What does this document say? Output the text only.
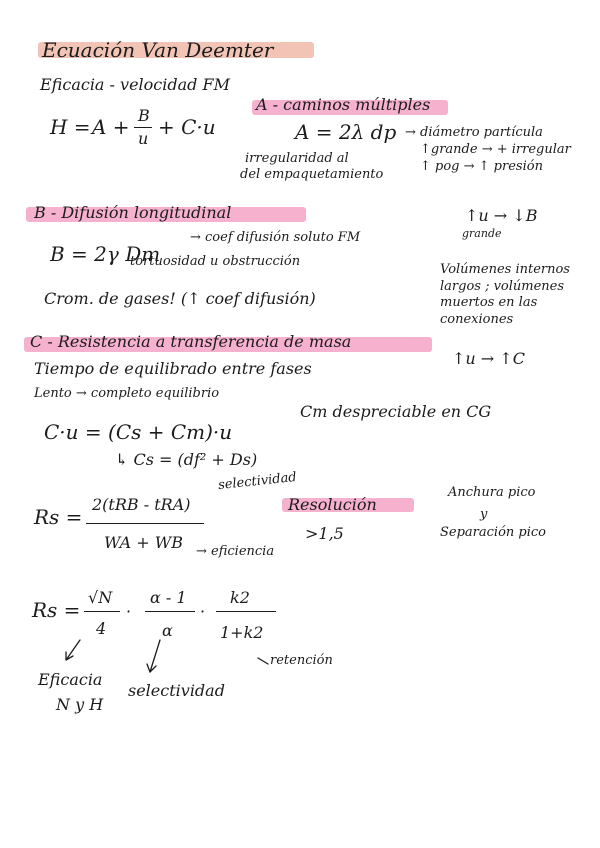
Ecuación Van Deemter
Eficacia - velocidad FM
H = A + B
u + C·u
A - caminos múltiples
A = 2λ dp → diámetro partícula
↑grande → + irregular
↑ pog → ↑ presión
irregularidad al
del empaquetamiento
B - Difusión longitudinal
B = 2γ Dm
→ coef difusión soluto FM
tortuosidad u obstrucción
↑u → ↓B
grande
Crom. de gases! (↑ coef difusión)
Volúmenes internos
largos ; volúmenes
muertos en las
conexiones
C - Resistencia a transferencia de masa
Tiempo de equilibrado entre fases
Lento → completo equilibrio
↑u → ↑C
Cm despreciable en CG
C·u = (Cs + Cm)·u
↳ Cs = (df² + Ds)
Rs =
2(tRB - tRA)
WA + WB
selectividad
→ eficiencia
Resolución
>1,5
Anchura pico
y
Separación pico
Rs =
√N
4
·
α - 1
α
·
k2
1+k2
retención
Eficacia
N y H
selectividad
